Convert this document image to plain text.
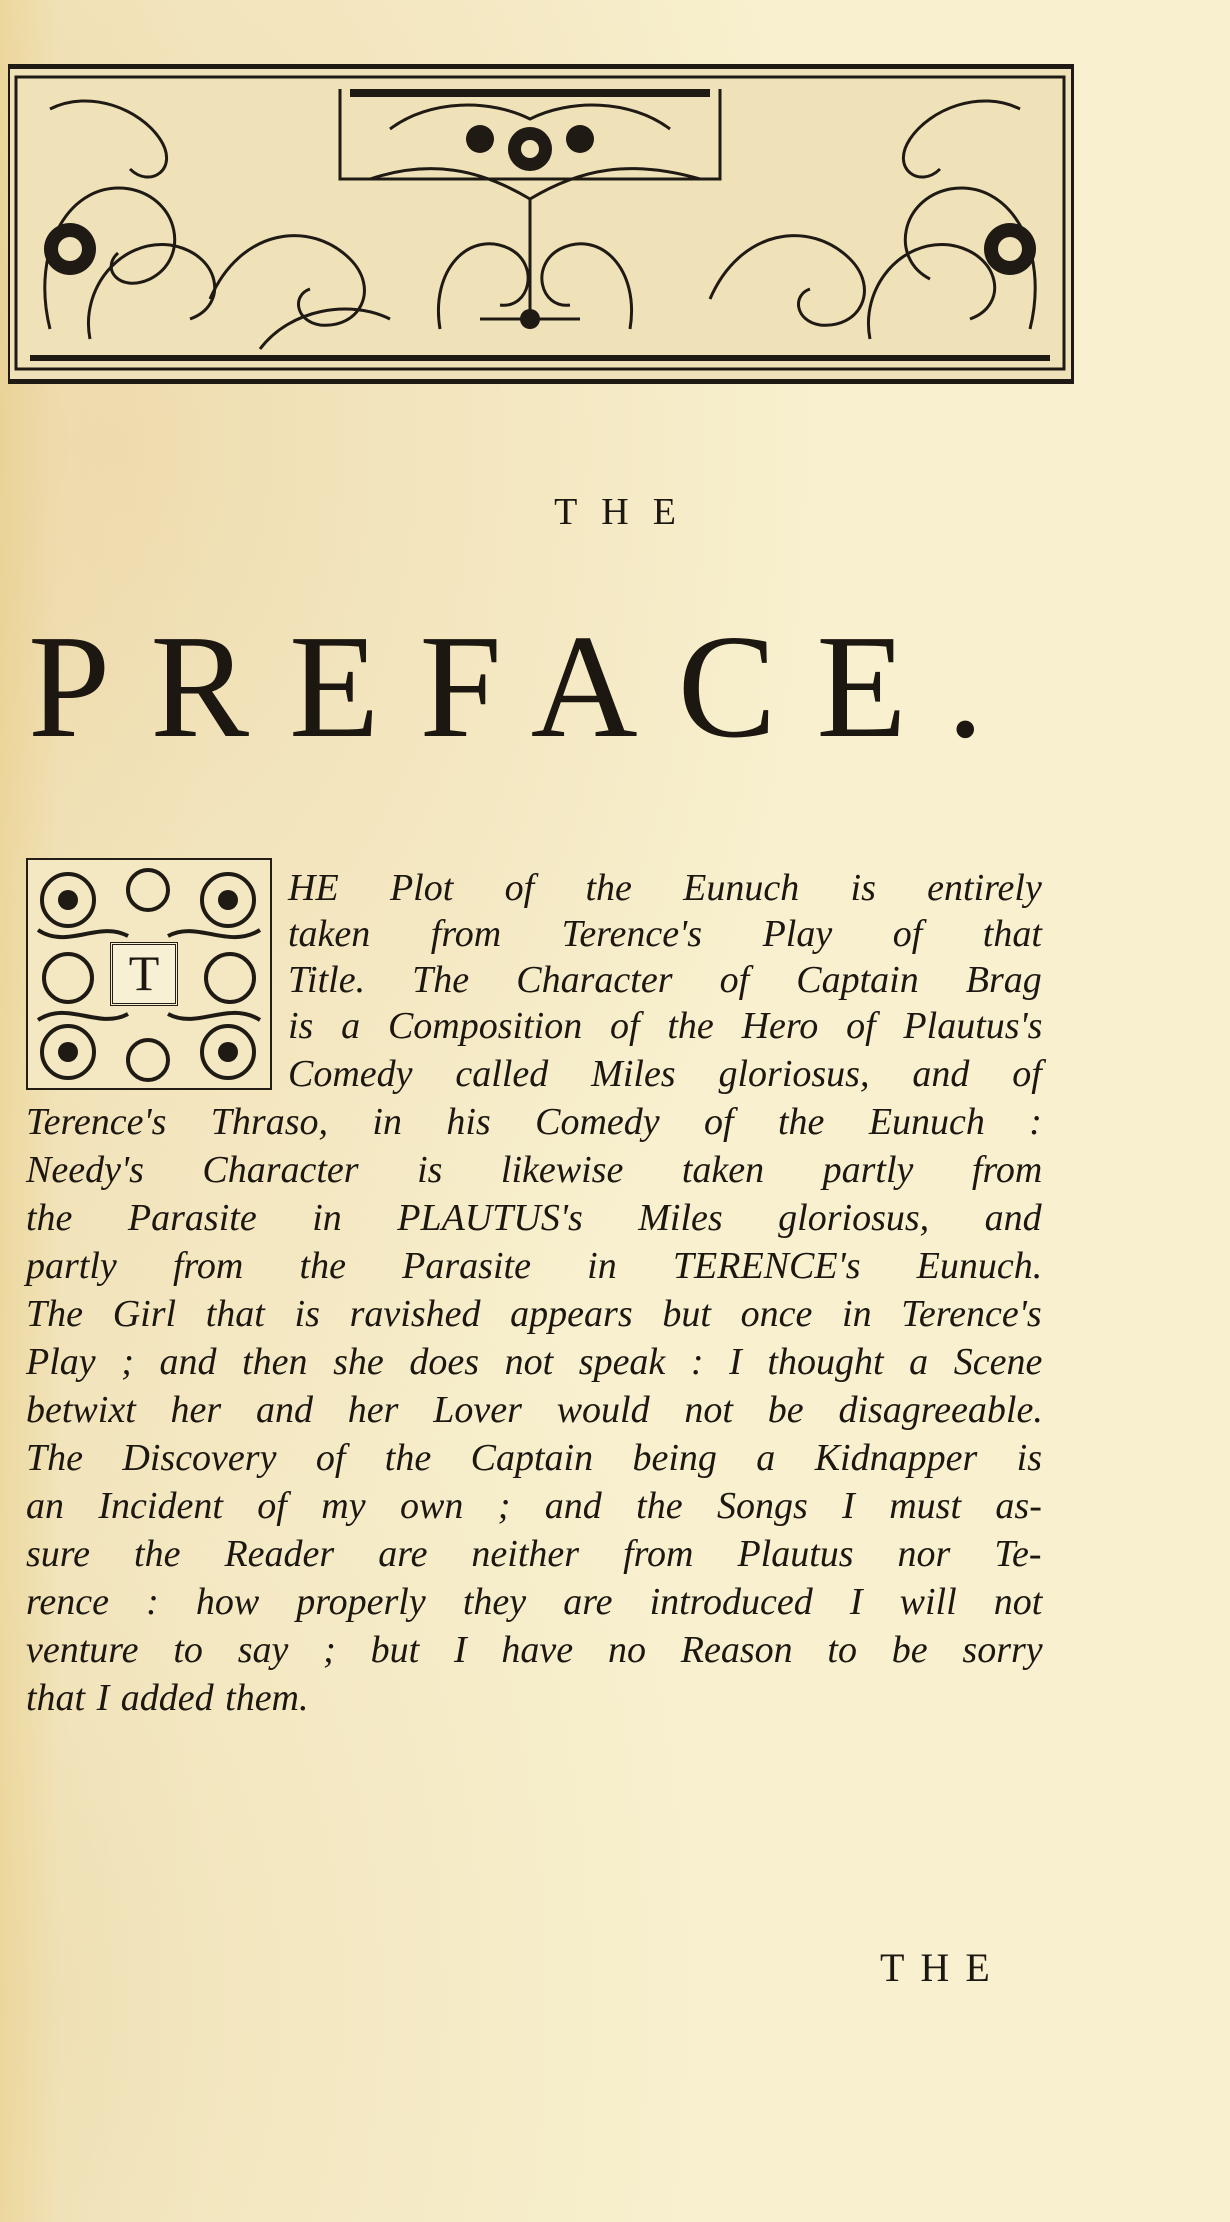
THE
PREFACE.
T
HE Plot of the Eunuch is entirely
taken from Terence's Play of that
Title. The Character of Captain Brag
is a Composition of the Hero of Plautus's
Comedy called Miles gloriosus, and of
Terence's Thraso, in his Comedy of the Eunuch :
Needy's Character is likewise taken partly from
the Parasite in PLAUTUS's Miles gloriosus, and
partly from the Parasite in TERENCE's Eunuch.
The Girl that is ravished appears but once in Terence's
Play ; and then she does not speak : I thought a Scene
betwixt her and her Lover would not be disagreeable.
The Discovery of the Captain being a Kidnapper is
an Incident of my own ; and the Songs I must as-
sure the Reader are neither from Plautus nor Te-
rence : how properly they are introduced I will not
venture to say ; but I have no Reason to be sorry
that I added them.
THE
